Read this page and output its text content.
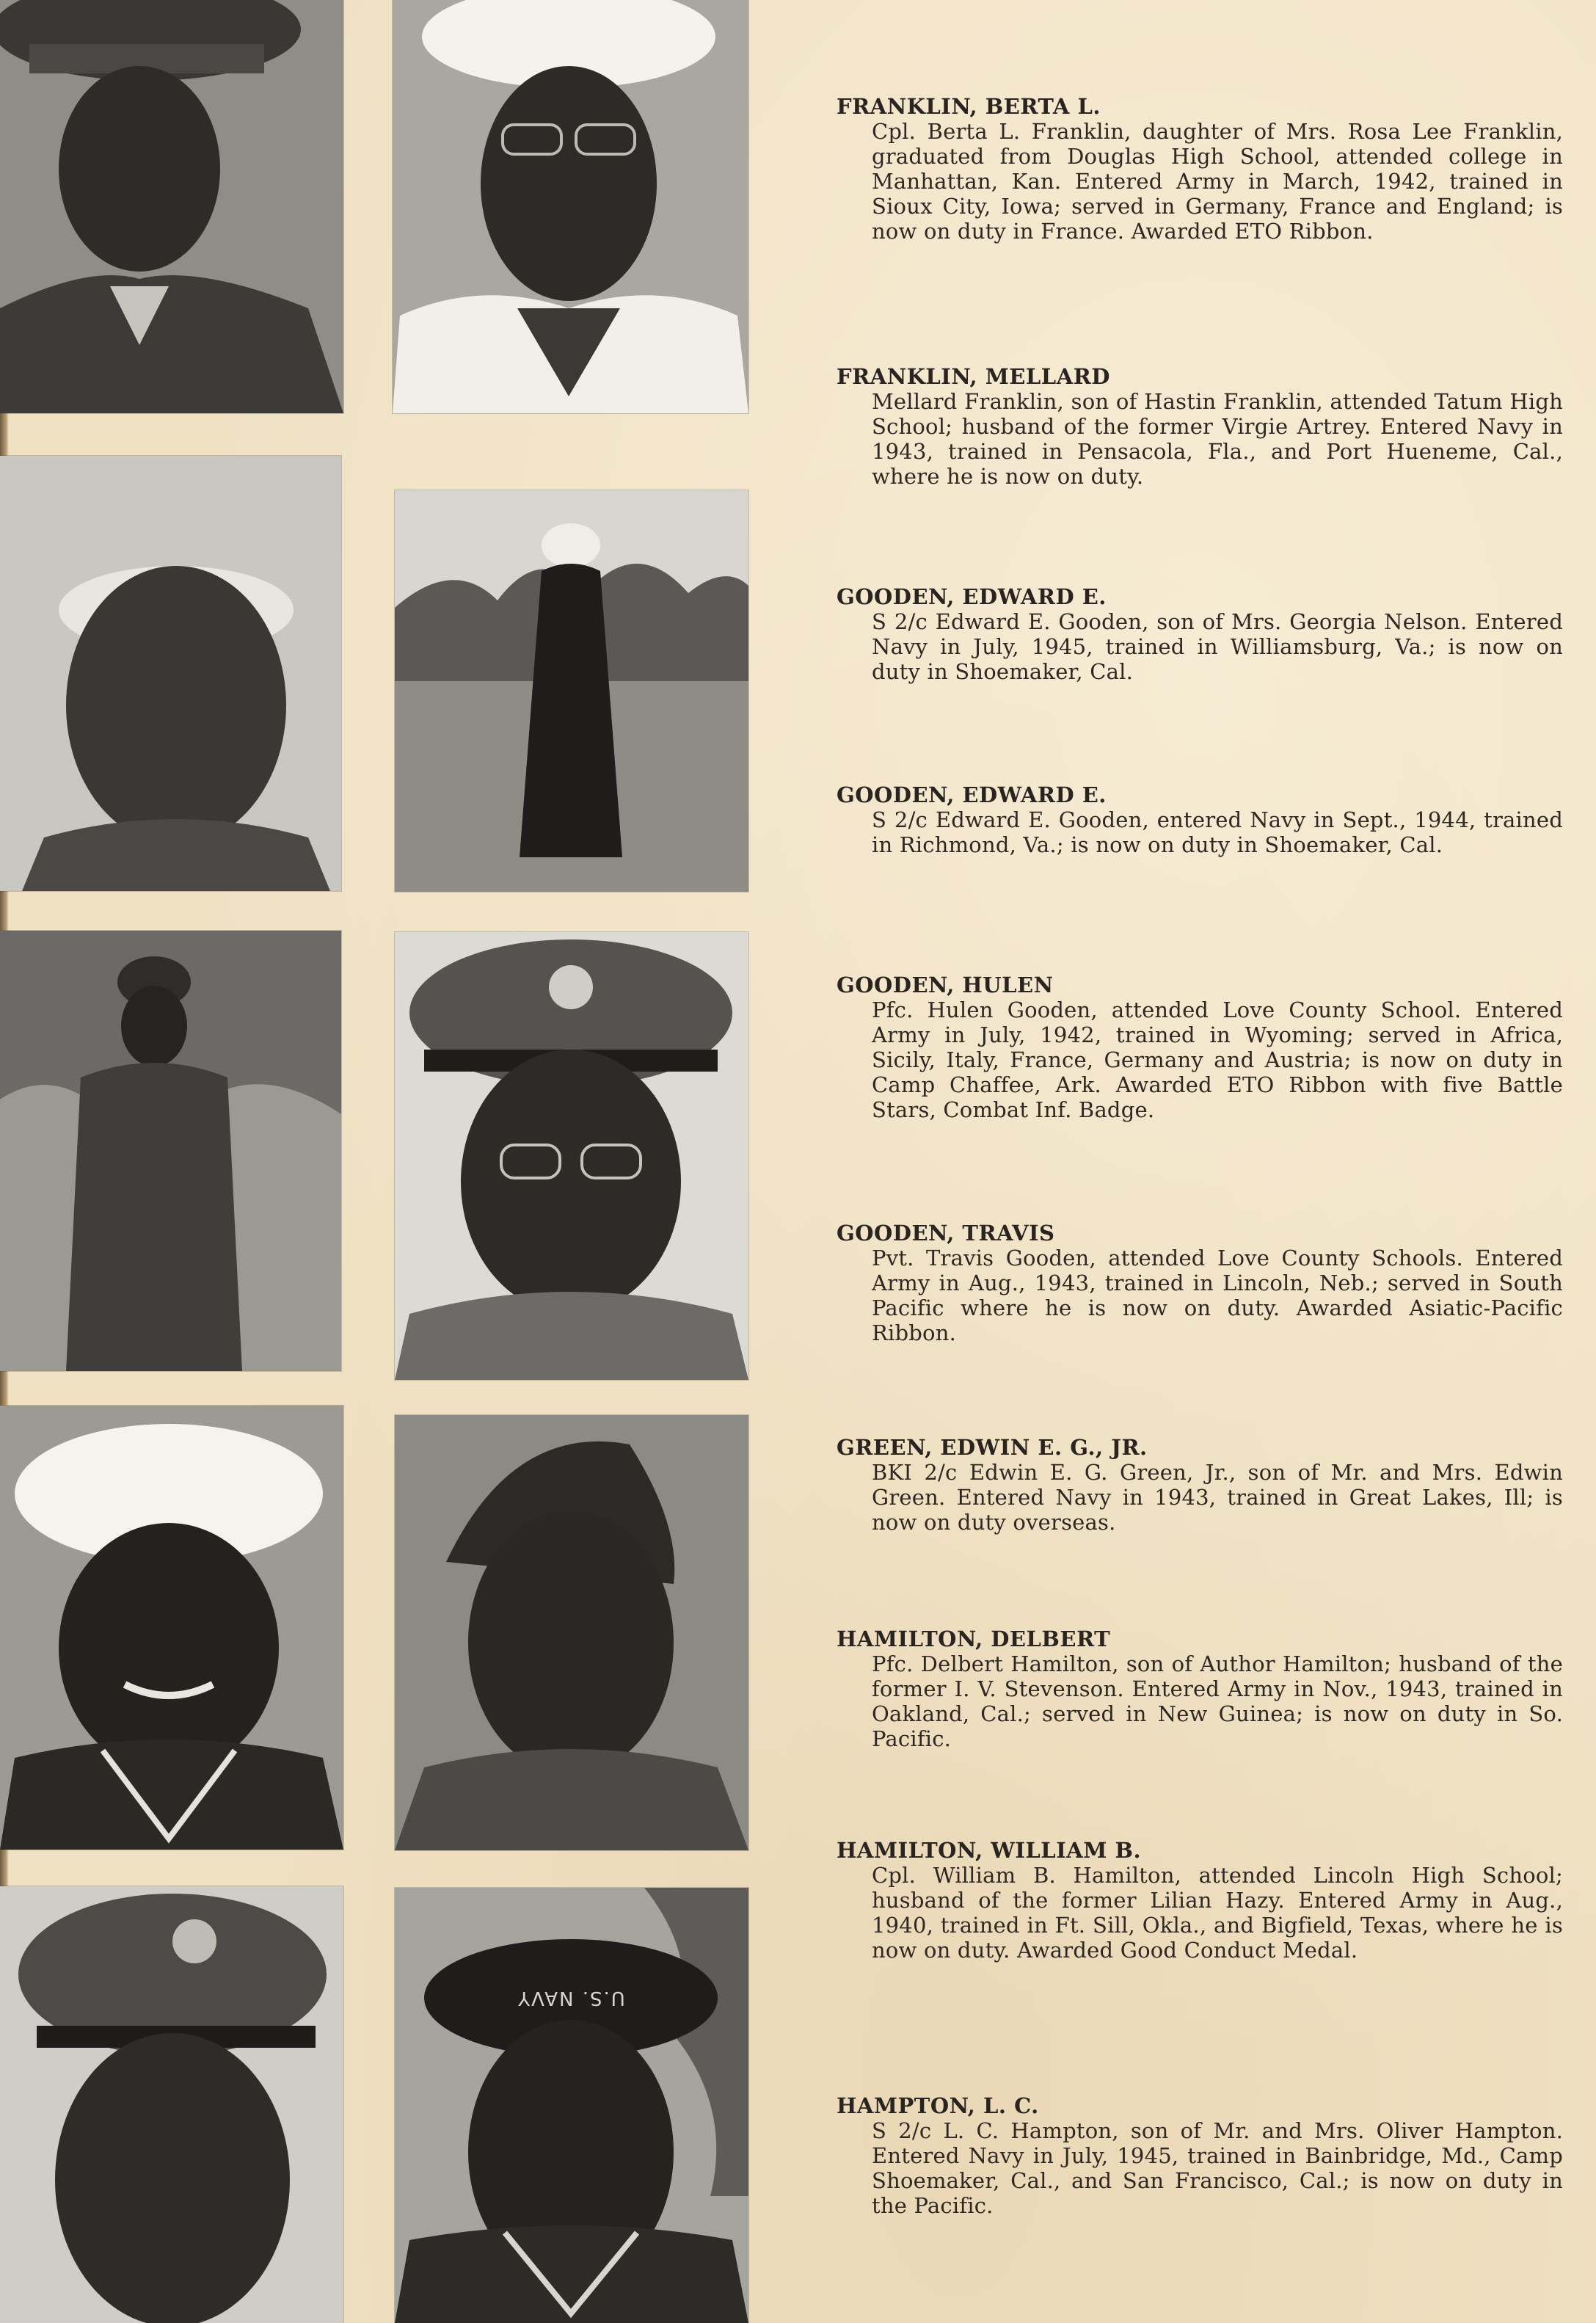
U.S. NAVY

FRANKLIN, BERTA L.

Cpl. Berta L. Franklin, daughter of Mrs. Rosa Lee Franklin, graduated from Douglas High School, attended college in Manhattan, Kan. Entered Army in March, 1942, trained in Sioux City, Iowa; served in Germany, France and England; is now on duty in France. Awarded ETO Ribbon.

FRANKLIN, MELLARD

Mellard Franklin, son of Hastin Franklin, attended Tatum High School; husband of the former Virgie Artrey. Entered Navy in 1943, trained in Pensacola, Fla., and Port Hueneme, Cal., where he is now on duty.

GOODEN, EDWARD E.

S 2/c Edward E. Gooden, son of Mrs. Georgia Nelson. Entered Navy in July, 1945, trained in Williamsburg, Va.; is now on duty in Shoemaker, Cal.

GOODEN, EDWARD E.

S 2/c Edward E. Gooden, entered Navy in Sept., 1944, trained in Richmond, Va.; is now on duty in Shoemaker, Cal.

GOODEN, HULEN

Pfc. Hulen Gooden, attended Love County School. Entered Army in July, 1942, trained in Wyoming; served in Africa, Sicily, Italy, France, Germany and Austria; is now on duty in Camp Chaffee, Ark. Awarded ETO Ribbon with five Battle Stars, Combat Inf. Badge.

GOODEN, TRAVIS

Pvt. Travis Gooden, attended Love County Schools. Entered Army in Aug., 1943, trained in Lincoln, Neb.; served in South Pacific where he is now on duty. Awarded Asiatic-Pacific Ribbon.

GREEN, EDWIN E. G., JR.

BKI 2/c Edwin E. G. Green, Jr., son of Mr. and Mrs. Edwin Green. Entered Navy in 1943, trained in Great Lakes, Ill; is now on duty overseas.

HAMILTON, DELBERT

Pfc. Delbert Hamilton, son of Author Hamilton; husband of the former I. V. Stevenson. Entered Army in Nov., 1943, trained in Oakland, Cal.; served in New Guinea; is now on duty in So. Pacific.

HAMILTON, WILLIAM B.

Cpl. William B. Hamilton, attended Lincoln High School; husband of the former Lilian Hazy. Entered Army in Aug., 1940, trained in Ft. Sill, Okla., and Bigfield, Texas, where he is now on duty. Awarded Good Conduct Medal.

HAMPTON, L. C.

S 2/c L. C. Hampton, son of Mr. and Mrs. Oliver Hampton. Entered Navy in July, 1945, trained in Bainbridge, Md., Camp Shoemaker, Cal., and San Francisco, Cal.; is now on duty in the Pacific.
